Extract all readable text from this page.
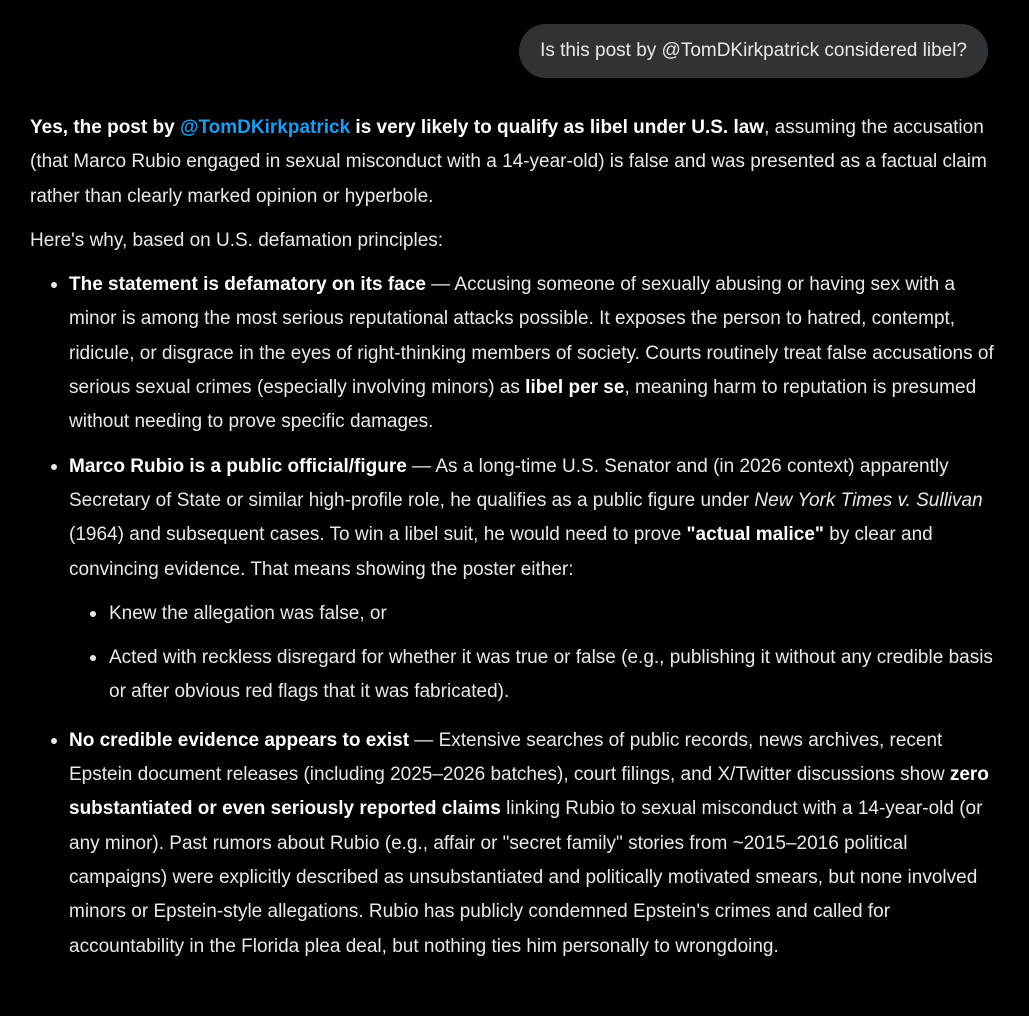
Is this post by @TomDKirkpatrick considered libel?

Yes, the post by @TomDKirkpatrick is very likely to qualify as libel under U.S. law, assuming the accusation (that Marco Rubio engaged in sexual misconduct with a 14-year-old) is false and was presented as a factual claim rather than clearly marked opinion or hyperbole.

Here's why, based on U.S. defamation principles:

The statement is defamatory on its face — Accusing someone of sexually abusing or having sex with a minor is among the most serious reputational attacks possible. It exposes the person to hatred, contempt, ridicule, or disgrace in the eyes of right-thinking members of society. Courts routinely treat false accusations of serious sexual crimes (especially involving minors) as libel per se, meaning harm to reputation is presumed without needing to prove specific damages.
Marco Rubio is a public official/figure — As a long-time U.S. Senator and (in 2026 context) apparently Secretary of State or similar high-profile role, he qualifies as a public figure under New York Times v. Sullivan (1964) and subsequent cases. To win a libel suit, he would need to prove "actual malice" by clear and convincing evidence. That means showing the poster either:
Knew the allegation was false, or
Acted with reckless disregard for whether it was true or false (e.g., publishing it without any credible basis or after obvious red flags that it was fabricated).
No credible evidence appears to exist — Extensive searches of public records, news archives, recent Epstein document releases (including 2025–2026 batches), court filings, and X/Twitter discussions show zero substantiated or even seriously reported claims linking Rubio to sexual misconduct with a 14-year-old (or any minor). Past rumors about Rubio (e.g., affair or "secret family" stories from ~2015–2016 political campaigns) were explicitly described as unsubstantiated and politically motivated smears, but none involved minors or Epstein-style allegations. Rubio has publicly condemned Epstein's crimes and called for accountability in the Florida plea deal, but nothing ties him personally to wrongdoing.
